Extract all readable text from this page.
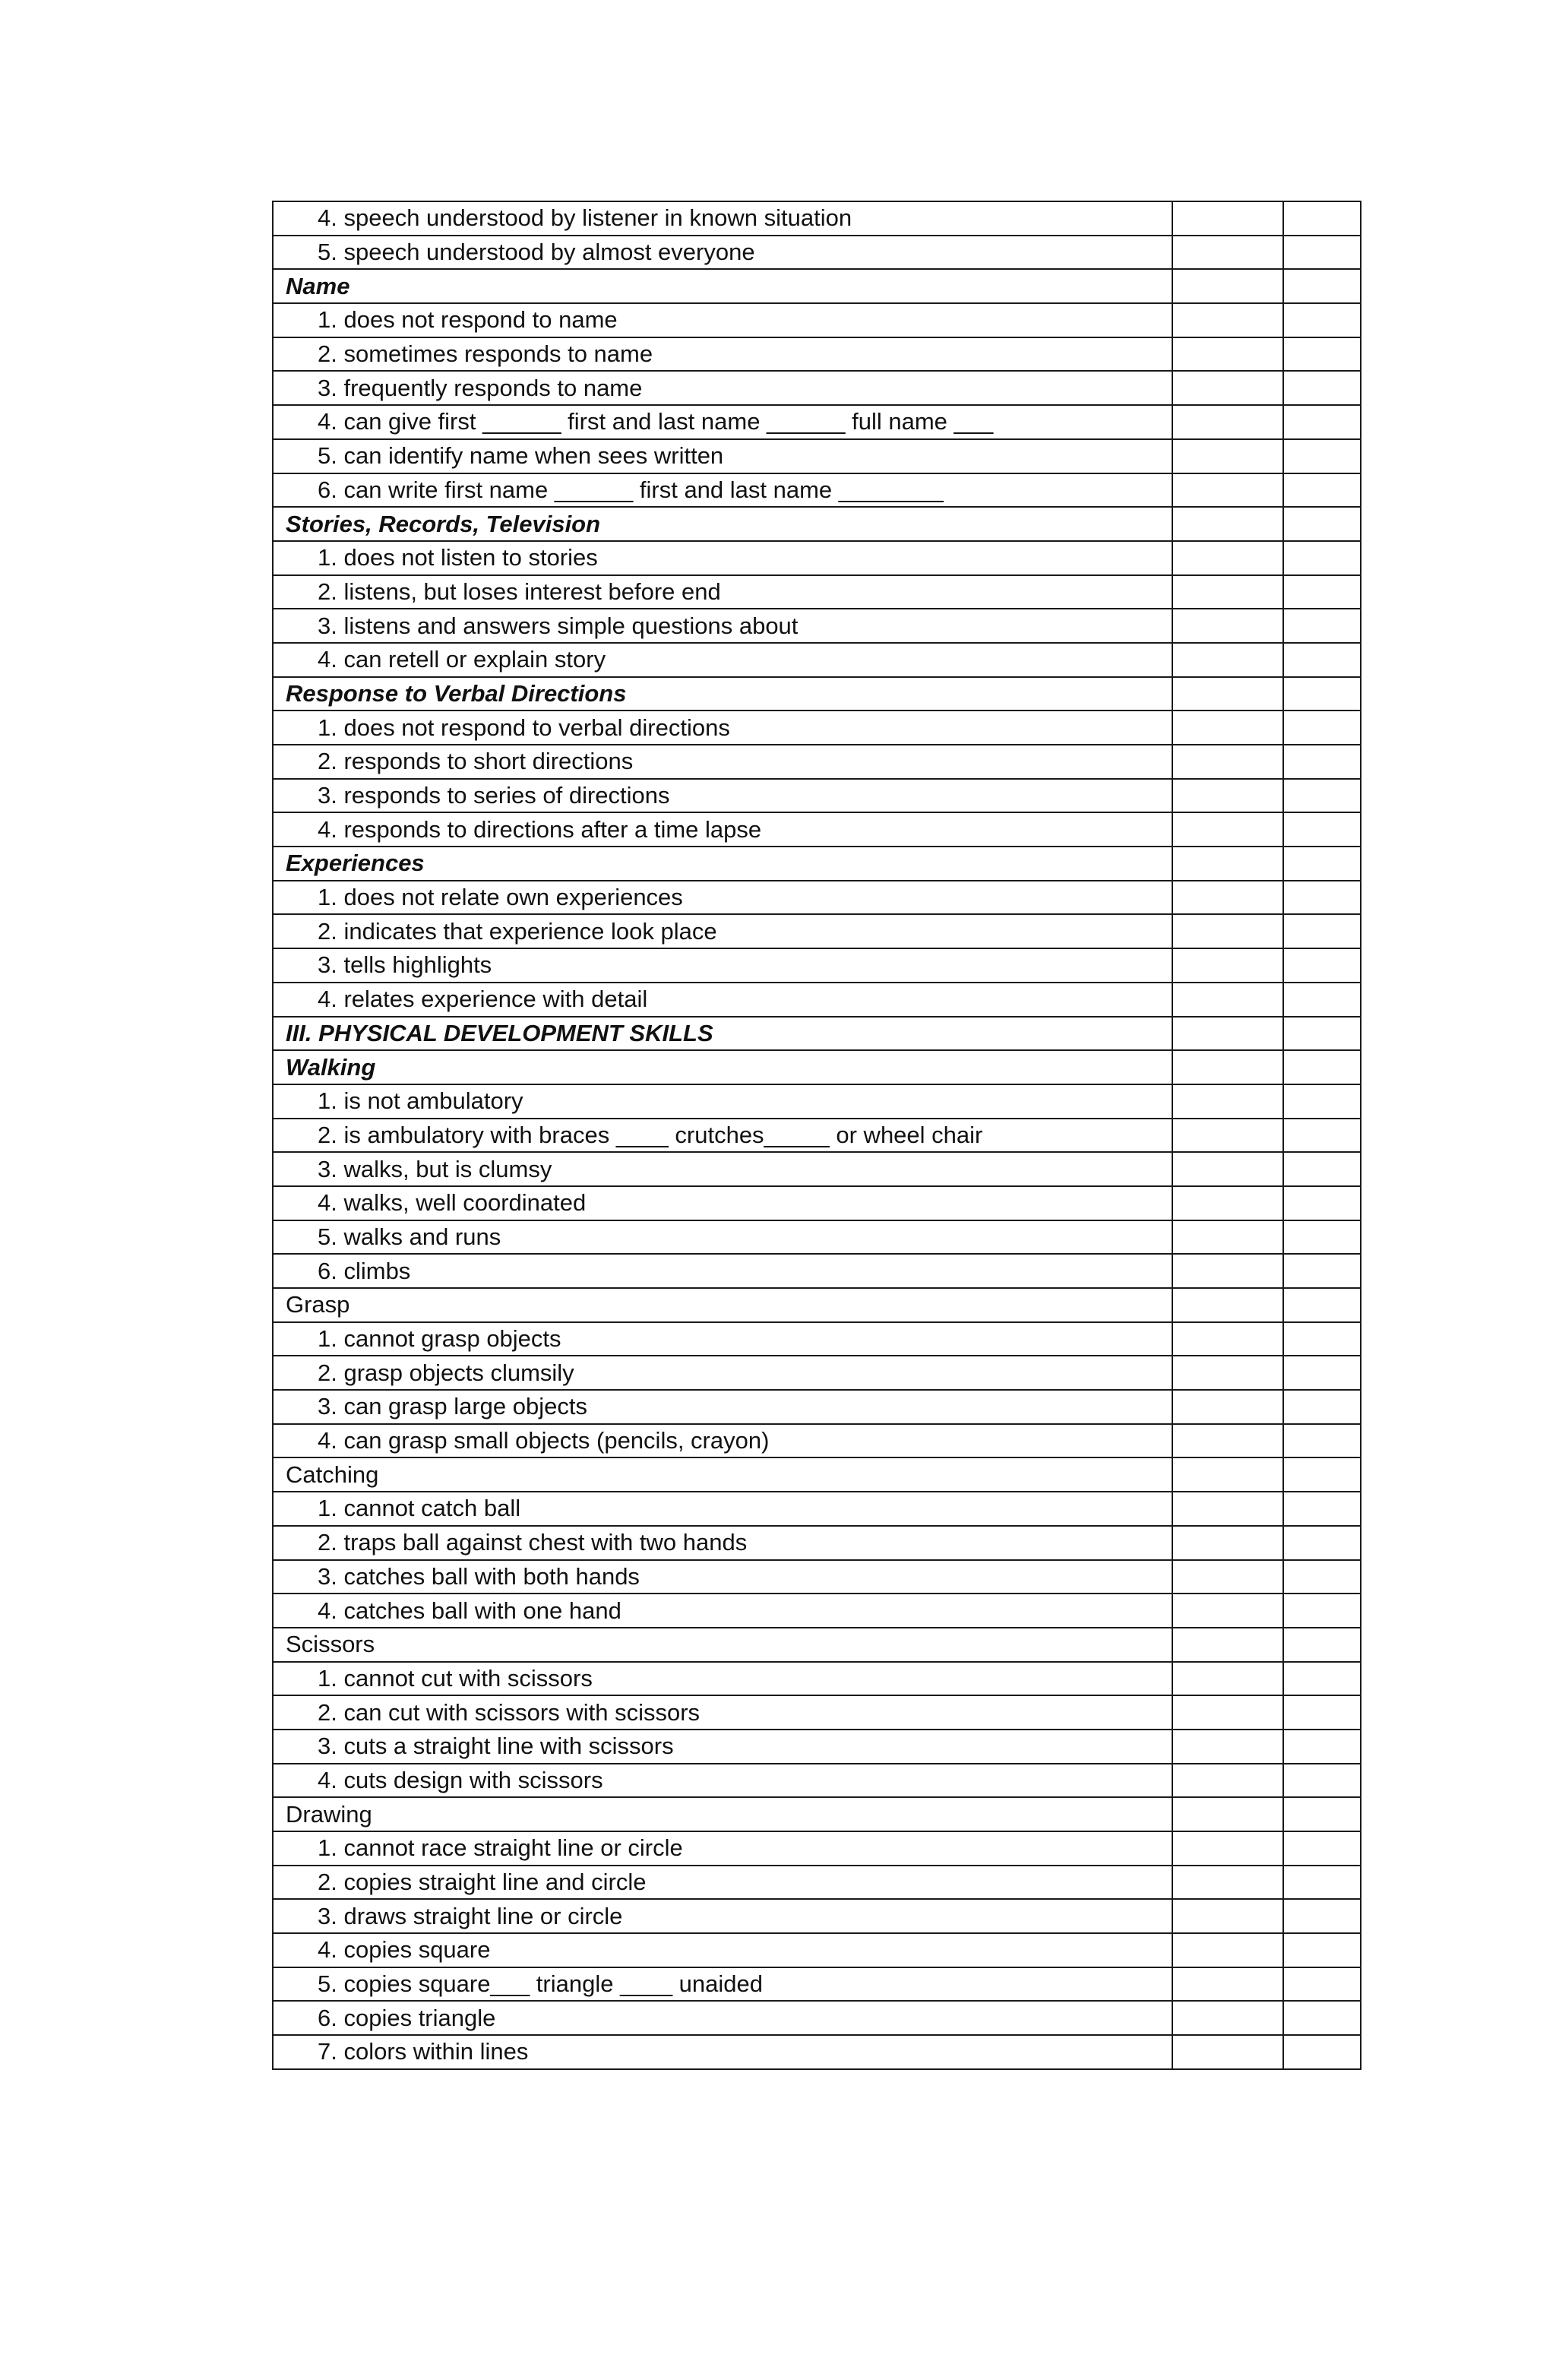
4. speech understood by listener in known situation		
5. speech understood by almost everyone		
Name		
1. does not respond to name		
2. sometimes responds to name		
3. frequently responds to name		
4. can give first ______ first and last name ______ full name ___		
5. can identify name when sees written		
6. can write first name ______ first and last name ________		
Stories, Records, Television		
1. does not listen to stories		
2. listens, but loses interest before end		
3. listens and answers simple questions about		
4. can retell or explain story		
Response to Verbal Directions		
1. does not respond to verbal directions		
2. responds to short directions		
3. responds to series of directions		
4. responds to directions after a time lapse		
Experiences		
1. does not relate own experiences		
2. indicates that experience look place		
3. tells highlights		
4. relates experience with detail		
III. PHYSICAL DEVELOPMENT SKILLS		
Walking		
1. is not ambulatory		
2. is ambulatory with braces ____ crutches_____ or wheel chair		
3. walks, but is clumsy		
4. walks, well coordinated		
5. walks and runs		
6. climbs		
Grasp		
1. cannot grasp objects		
2. grasp objects clumsily		
3. can grasp large objects		
4. can grasp small objects (pencils, crayon)		
Catching		
1. cannot catch ball		
2. traps ball against chest with two hands		
3. catches ball with both hands		
4. catches ball with one hand		
Scissors		
1. cannot cut with scissors		
2. can cut with scissors with scissors		
3. cuts a straight line with scissors		
4. cuts design with scissors		
Drawing		
1. cannot race straight line or circle		
2. copies straight line and circle		
3. draws straight line or circle		
4. copies square		
5. copies square___ triangle ____ unaided		
6. copies triangle		
7. colors within lines		
